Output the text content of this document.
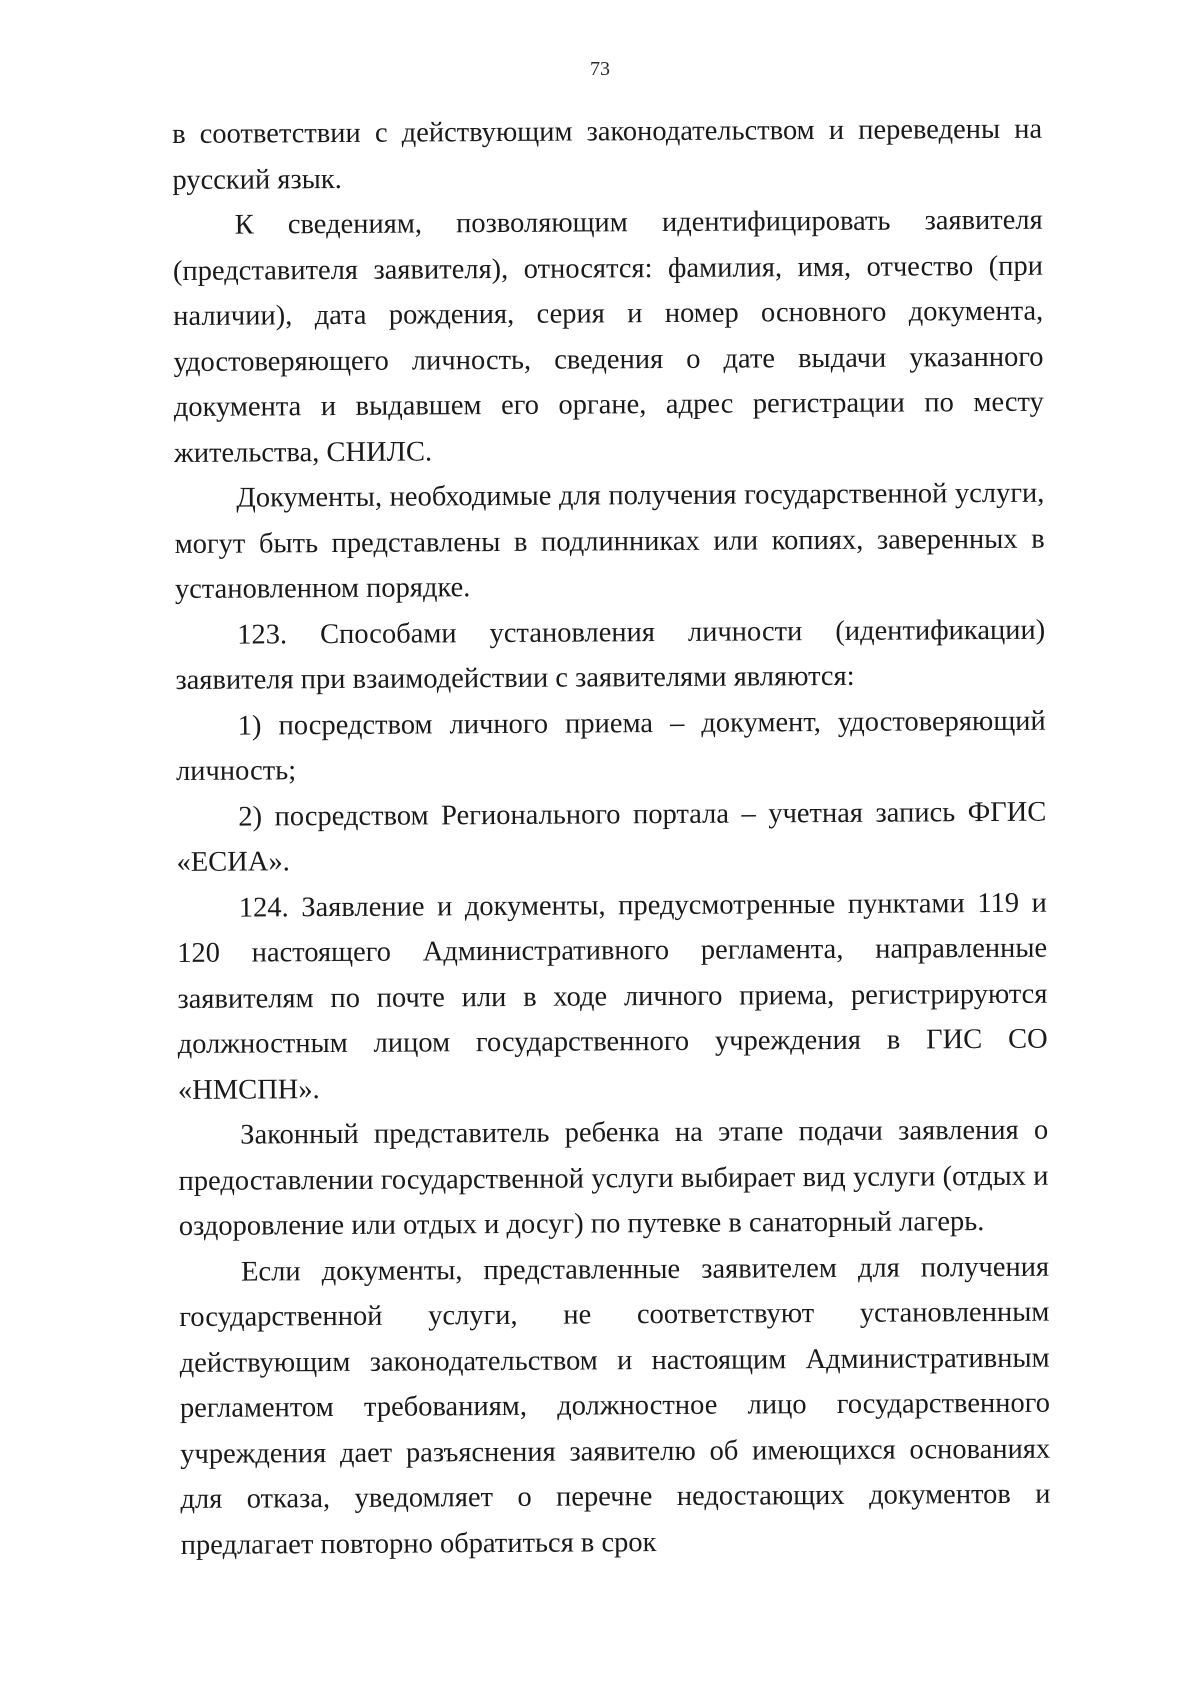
73

в соответствии с действующим законодательством и переведены на русский язык.

К сведениям, позволяющим идентифицировать заявителя (представителя заявителя), относятся: фамилия, имя, отчество (при наличии), дата рождения, серия и номер основного документа, удостоверяющего личность, сведения о дате выдачи указанного документа и выдавшем его органе, адрес регистрации по месту жительства, СНИЛС.

Документы, необходимые для получения государственной услуги, могут быть представлены в подлинниках или копиях, заверенных в установленном порядке.

123. Способами установления личности (идентификации) заявителя при взаимодействии с заявителями являются:

1) посредством личного приема – документ, удостоверяющий личность;

2) посредством Регионального портала – учетная запись ФГИС «ЕСИА».

124. Заявление и документы, предусмотренные пунктами 119 и 120 настоящего Административного регламента, направленные заявителям по почте или в ходе личного приема, регистрируются должностным лицом государственного учреждения в ГИС СО «НМСПН».

Законный представитель ребенка на этапе подачи заявления о предоставлении государственной услуги выбирает вид услуги (отдых и оздоровление или отдых и досуг) по путевке в санаторный лагерь.

Если документы, представленные заявителем для получения государственной услуги, не соответствуют установленным действующим законодательством и настоящим Административным регламентом требованиям, должностное лицо государственного учреждения дает разъяснения заявителю об имеющихся основаниях для отказа, уведомляет о перечне недостающих документов и предлагает повторно обратиться в срок
